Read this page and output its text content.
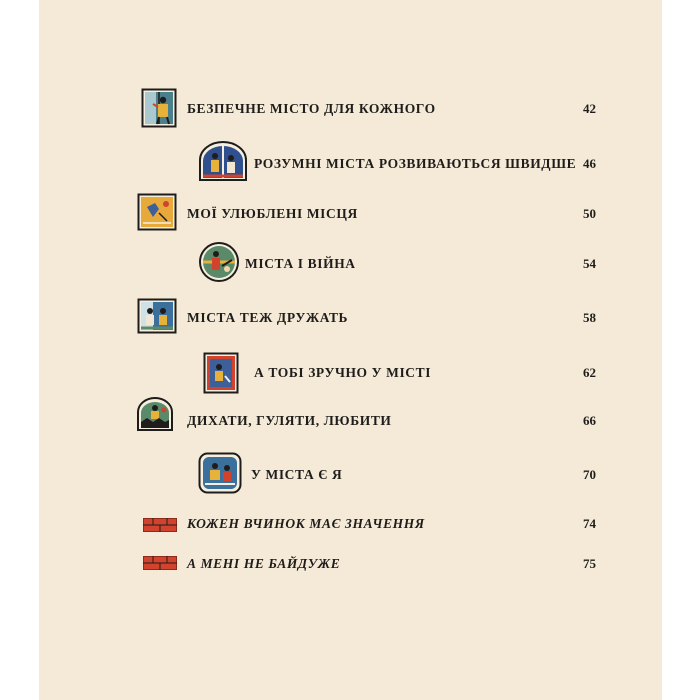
БЕЗПЕЧНЕ МІСТО ДЛЯ КОЖНОГО	42
РОЗУМНІ МІСТА РОЗВИВАЮТЬСЯ ШВИДШЕ 46
МОЇ УЛЮБЛЕНІ МІСЦЯ	50
МІСТА І ВІЙНА	54
МІСТА ТЕЖ ДРУЖАТЬ	58
А ТОБІ ЗРУЧНО У МІСТІ	62
ДИХАТИ, ГУЛЯТИ, ЛЮБИТИ	66
У МІСТА Є Я	70
КОЖЕН ВЧИНОК МАЄ ЗНАЧЕННЯ	74
А МЕНІ НЕ БАЙДУЖЕ	75
